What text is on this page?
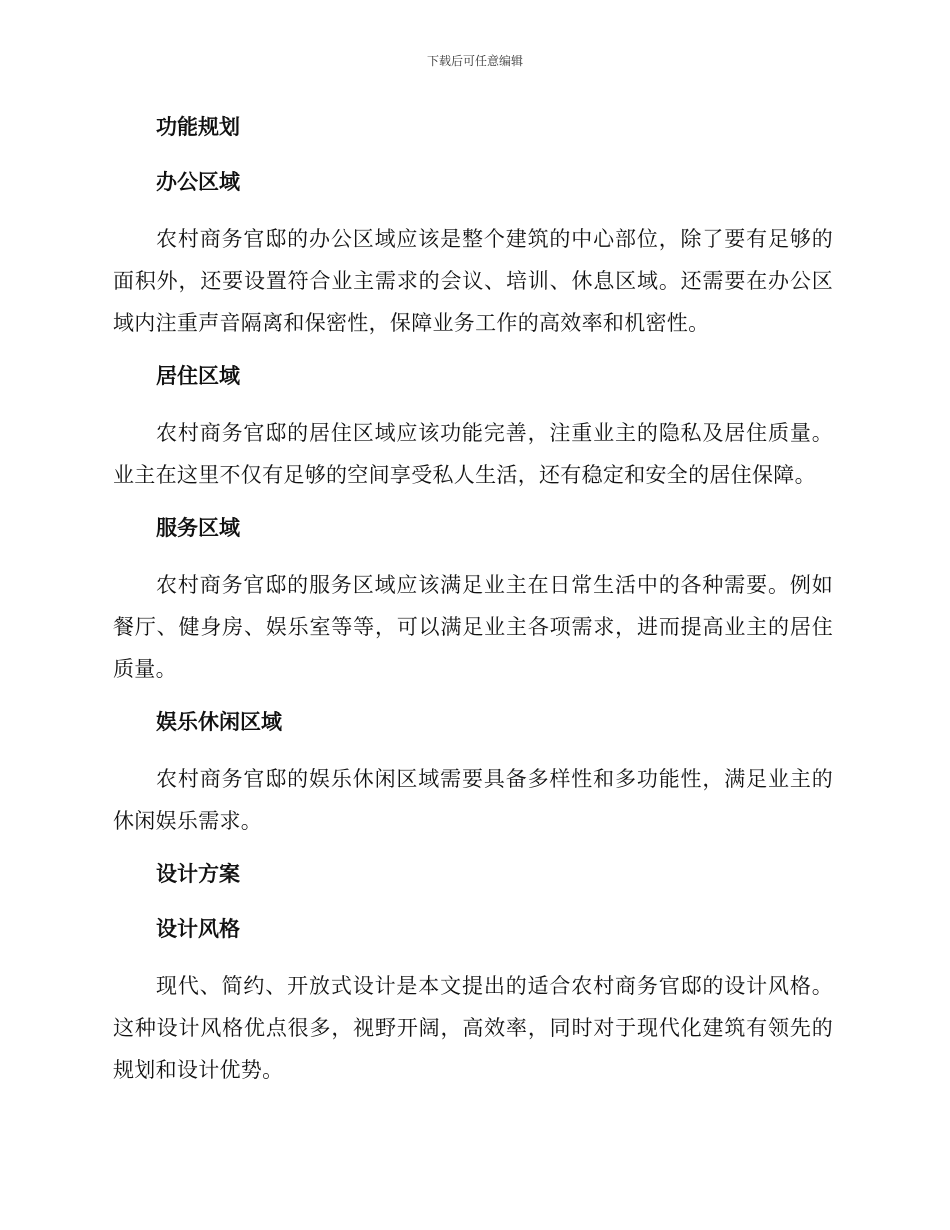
下载后可任意编辑
功能规划
办公区域

农村商务官邸的办公区域应该是整个建筑的中心部位，除了要有足够的面积外，还要设置符合业主需求的会议、培训、休息区域。还需要在办公区域内注重声音隔离和保密性，保障业务工作的高效率和机密性。

居住区域

农村商务官邸的居住区域应该功能完善，注重业主的隐私及居住质量。业主在这里不仅有足够的空间享受私人生活，还有稳定和安全的居住保障。

服务区域

农村商务官邸的服务区域应该满足业主在日常生活中的各种需要。例如餐厅、健身房、娱乐室等等，可以满足业主各项需求，进而提高业主的居住质量。

娱乐休闲区域

农村商务官邸的娱乐休闲区域需要具备多样性和多功能性，满足业主的休闲娱乐需求。

设计方案
设计风格

现代、简约、开放式设计是本文提出的适合农村商务官邸的设计风格。这种设计风格优点很多，视野开阔，高效率，同时对于现代化建筑有领先的规划和设计优势。
